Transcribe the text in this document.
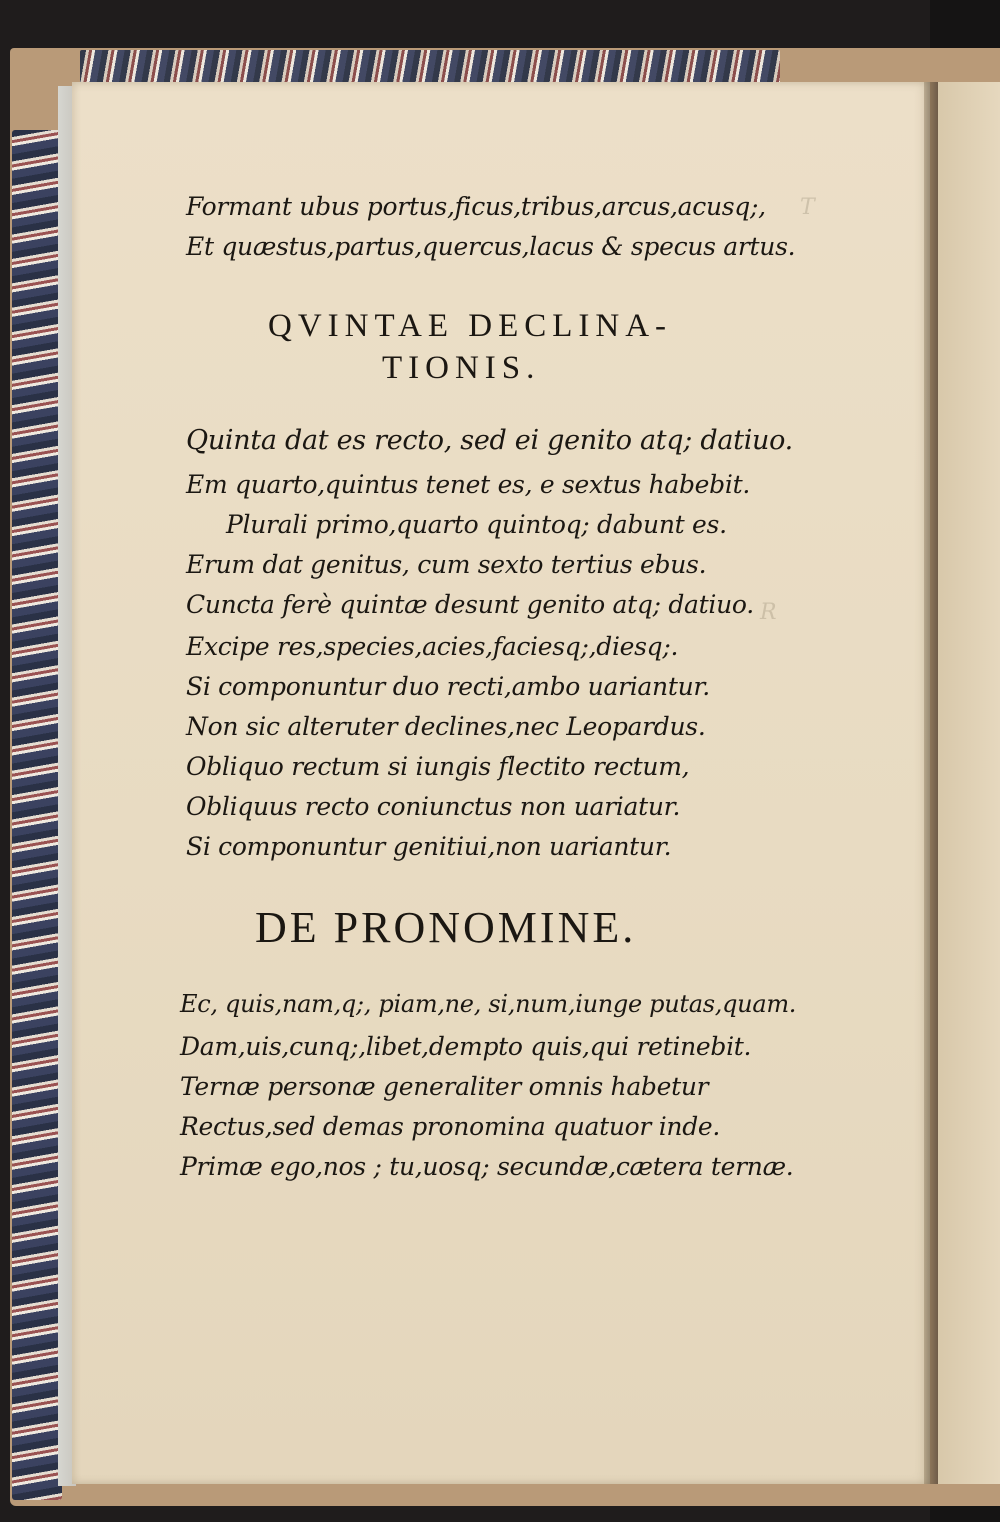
T
R
Formant ubus portus,ficus,tribus,arcus,acusq;,
Et quæstus,partus,quercus,lacus & specus artus.
QVINTAE DECLINA-
TIONIS.
Quinta dat es recto, sed ei genito atq; datiuo.
Em quarto,quintus tenet es, e sextus habebit.
Plurali primo,quarto quintoq; dabunt es.
Erum dat genitus, cum sexto tertius ebus.
Cuncta ferè quintæ desunt genito atq; datiuo.
Excipe res,species,acies,faciesq;,diesq;.
Si componuntur duo recti,ambo uariantur.
Non sic alteruter declines,nec Leopardus.
Obliquo rectum si iungis flectito rectum,
Obliquus recto coniunctus non uariatur.
Si componuntur genitiui,non uariantur.
DE PRONOMINE.
Ec, quis,nam,q;, piam,ne, si,num,iunge putas,quam.
Dam,uis,cunq;,libet,dempto quis,qui retinebit.
Ternæ personæ generaliter omnis habetur
Rectus,sed demas pronomina quatuor inde.
Primæ ego,nos ; tu,uosq; secundæ,cætera ternæ.
